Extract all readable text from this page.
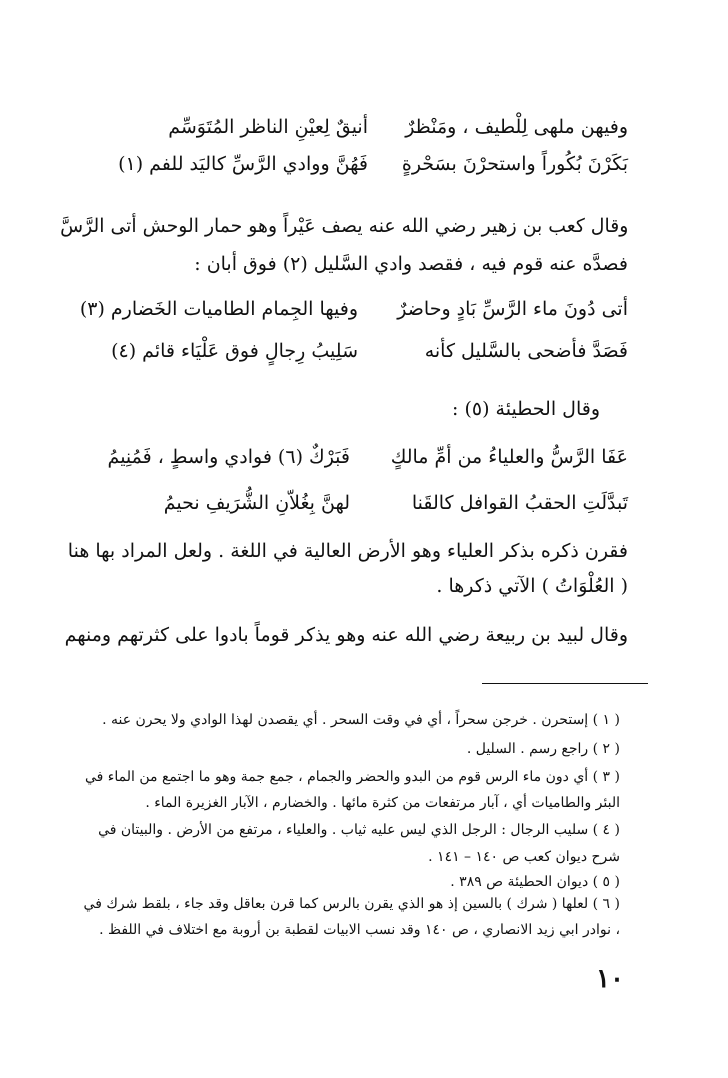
وفيهن ملهى لِلْطيف ، ومَنْظرٌ
أنيقٌ لِعيْنِ الناظر المُتَوَسِّم
بَكَرْنَ بُكُوراً واستحرْنَ بسَحْرةٍ
فَهُنَّ ووادي الرَّسِّ كاليَد للفم (١)
وقال كعب بن زهير رضي الله عنه يصف عَيْراً وهو حمار الوحش أتى الرَّسَّ
فصدَّه عنه قوم فيه ، فقصد وادي السَّليل (٢) فوق أبان :
أتى دُونَ ماء الرَّسِّ بَادٍ وحاضرٌ
وفيها الجِمام الطاميات الخَضارم (٣)
فَصَدَّ فأضحى بالسَّليل كأنه
سَلِيبُ رِجالٍ فوق عَلْيَاء قائم (٤)
وقال الحطيئة (٥) :
عَفَا الرَّسُّ والعلياءُ من أمِّ مالكٍ
فَبَرْكٌ (٦) فوادي واسطٍ ، فَمُنِيمُ
تَبدَّلَتِ الحقبُ القوافل كالقَنا
لهنَّ بِغُلاّنِ الشُّرَيفِ نحيمُ
فقرن ذكره بذكر العلياء وهو الأرض العالية في اللغة . ولعل المراد بها هنا
( العُلْوَاتُ ) الآتي ذكرها .
وقال لبيد بن ربيعة رضي الله عنه وهو يذكر قوماً بادوا على كثرتهم ومنهم
( ١ ) إستحرن . خرجن سحراً ، أي في وقت السحر . أي يقصدن لهذا الوادي ولا يحرن عنه .
( ٢ ) راجع رسم . السليل .
( ٣ ) أي دون ماء الرس قوم من البدو والحضر والجمام ، جمع جمة وهو ما اجتمع من الماء في
البئر والطاميات أي ، آبار مرتفعات من كثرة مائها . والخضارم ، الآبار الغزيرة الماء .
( ٤ ) سليب الرجال : الرجل الذي ليس عليه ثياب . والعلياء ، مرتفع من الأرض . والبيتان في
شرح ديوان كعب ص ١٤٠ – ١٤١ .
( ٥ ) ديوان الحطيئة ص ٣٨٩ .
( ٦ ) لعلها ( شرك ) بالسين إذ هو الذي يقرن بالرس كما قرن بعاقل وقد جاء ، بلقط شرك في
، نوادر ابي زيد الانصاري ، ص ١٤٠ وقد نسب الابيات لقطبة بن أروبة مع اختلاف في اللفظ .
١٠
